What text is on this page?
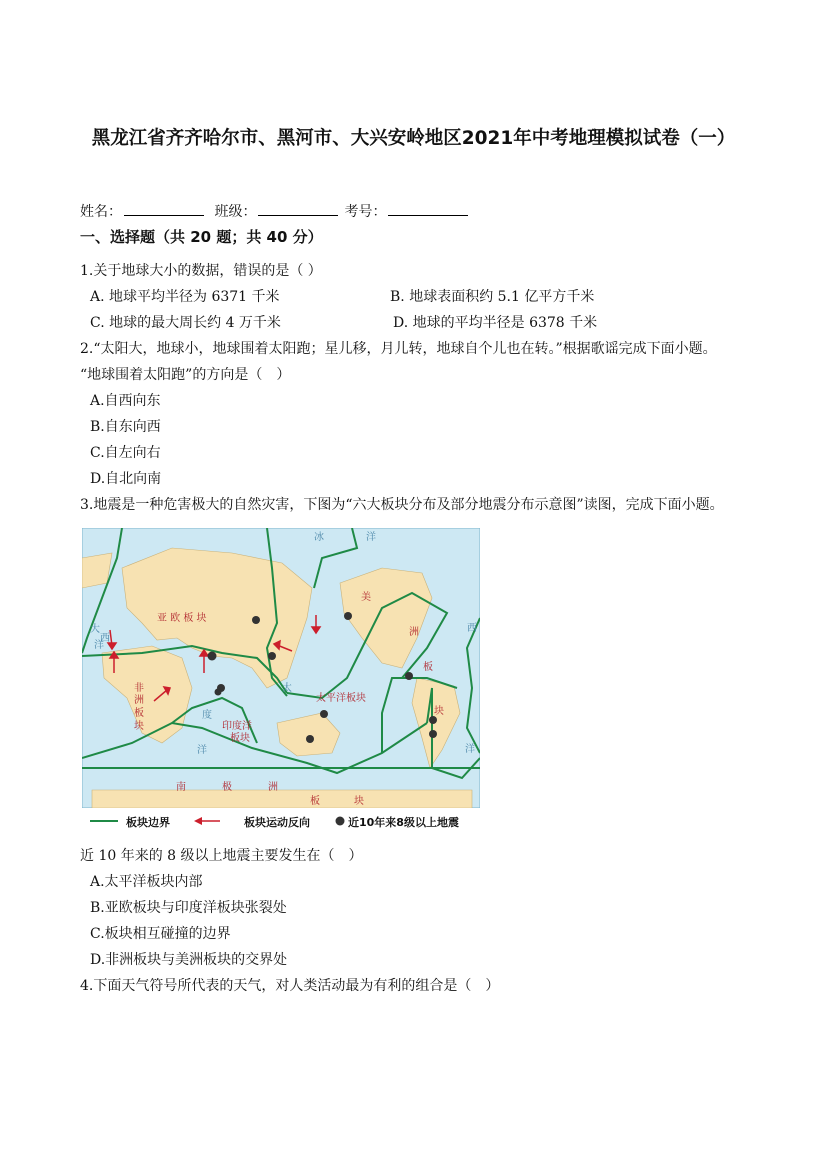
黑龙江省齐齐哈尔市、黑河市、大兴安岭地区2021年中考地理模拟试卷（一）
姓名：	班级：	考号：
一、选择题（共 20 题；共 40 分）
1.关于地球大小的数据，错误的是（ ）
A. 地球平均半径为 6371 千米	B. 地球表面积约 5.1 亿平方千米
C. 地球的最大周长约 4 万千米	D. 地球的平均半径是 6378 千米
2.“太阳大，地球小，地球围着太阳跑；星儿移，月儿转，地球自个儿也在转。”根据歌谣完成下面小题。
“地球围着太阳跑”的方向是（　）
A.自西向东
B.自东向西
C.自左向右
D.自北向南
3.地震是一种危害极大的自然灾害，下图为“六大板块分布及部分地震分布示意图”读图，完成下面小题。
冰	洋
大
西
洋
太
度
洋
西
洋
亚 欧 板 块
非
洲
板
块
美
洲
板
块
太平洋板块
印度洋
板块
南	极	洲
板	块
板块边界	板块运动反向	近10年来8级以上地震
近 10 年来的 8 级以上地震主要发生在（　）
A.太平洋板块内部
B.亚欧板块与印度洋板块张裂处
C.板块相互碰撞的边界
D.非洲板块与美洲板块的交界处
4.下面天气符号所代表的天气，对人类活动最为有利的组合是（　）
